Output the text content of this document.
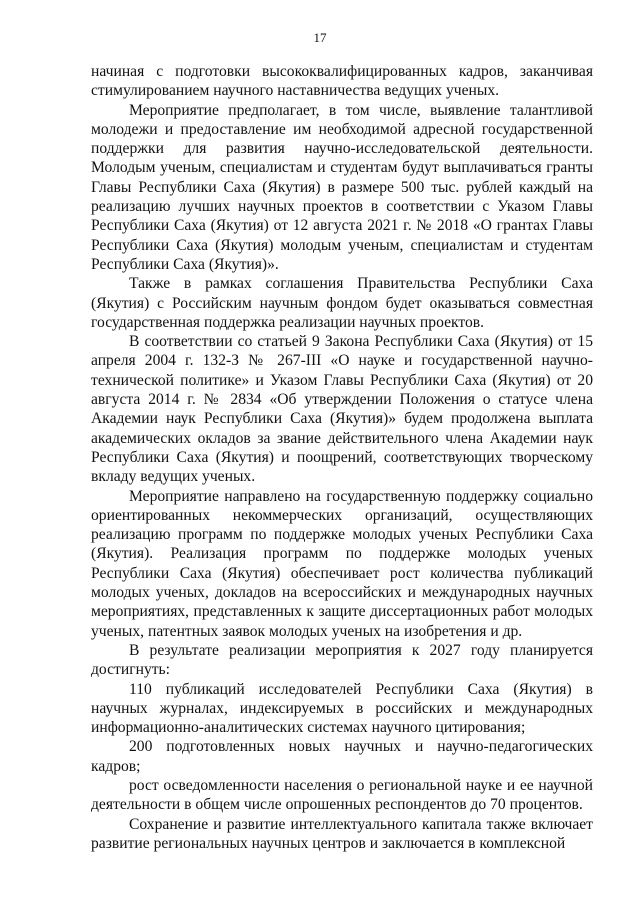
17

начиная с подготовки высококвалифицированных кадров, заканчивая стимулированием научного наставничества ведущих ученых.

Мероприятие предполагает, в том числе, выявление талантливой молодежи и предоставление им необходимой адресной государственной поддержки для развития научно-исследовательской деятельности. Молодым ученым, специалистам и студентам будут выплачиваться гранты Главы Республики Саха (Якутия) в размере 500 тыс. рублей каждый на реализацию лучших научных проектов в соответствии с Указом Главы Республики Саха (Якутия) от 12 августа 2021 г. № 2018 «О грантах Главы Республики Саха (Якутия) молодым ученым, специалистам и студентам Республики Саха (Якутия)».

Также в рамках соглашения Правительства Республики Саха (Якутия) с Российским научным фондом будет оказываться совместная государственная поддержка реализации научных проектов.

В соответствии со статьей 9 Закона Республики Саха (Якутия) от 15 апреля 2004 г. 132-З № 267-III «О науке и государственной научно-технической политике» и Указом Главы Республики Саха (Якутия) от 20 августа 2014 г. № 2834 «Об утверждении Положения о статусе члена Академии наук Республики Саха (Якутия)» будем продолжена выплата академических окладов за звание действительного члена Академии наук Республики Саха (Якутия) и поощрений, соответствующих творческому вкладу ведущих ученых.

Мероприятие направлено на государственную поддержку социально ориентированных некоммерческих организаций, осуществляющих реализацию программ по поддержке молодых ученых Республики Саха (Якутия). Реализация программ по поддержке молодых ученых Республики Саха (Якутия) обеспечивает рост количества публикаций молодых ученых, докладов на всероссийских и международных научных мероприятиях, представленных к защите диссертационных работ молодых ученых, патентных заявок молодых ученых на изобретения и др.

В результате реализации мероприятия к 2027 году планируется достигнуть:

110 публикаций исследователей Республики Саха (Якутия) в научных журналах, индексируемых в российских и международных информационно-аналитических системах научного цитирования;

200 подготовленных новых научных и научно-педагогических кадров;

рост осведомленности населения о региональной науке и ее научной деятельности в общем числе опрошенных респондентов до 70 процентов.

Сохранение и развитие интеллектуального капитала также включает развитие региональных научных центров и заключается в комплексной
